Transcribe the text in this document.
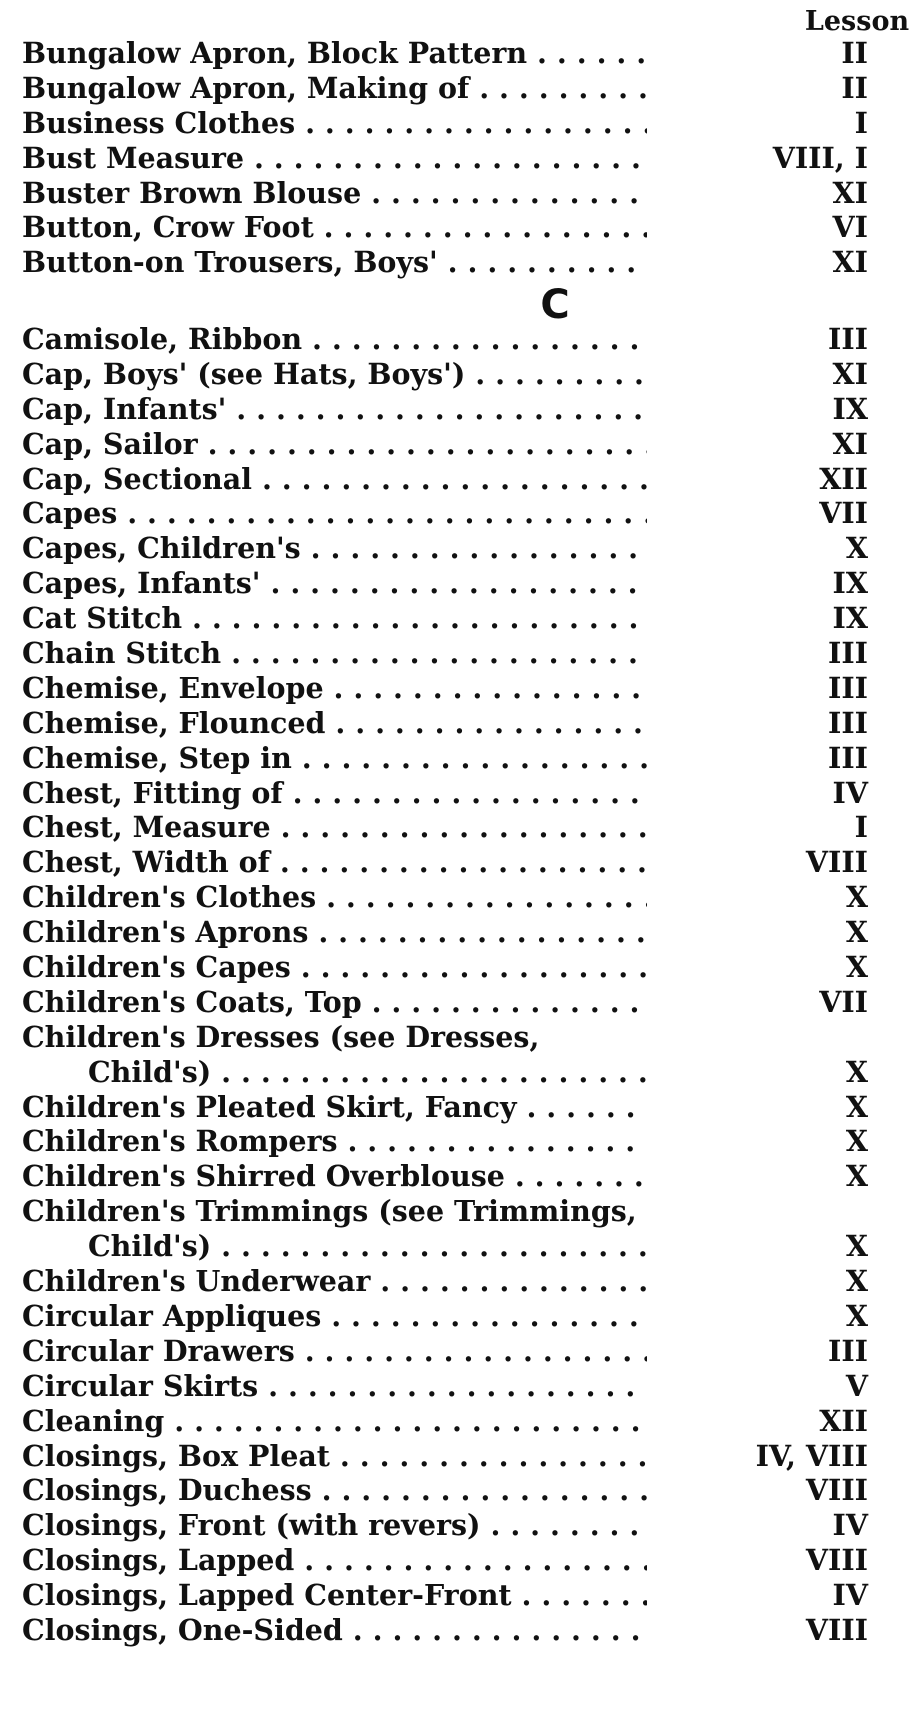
Lesson
Bungalow Apron, Block Pattern . . .	II
Bungalow Apron, Making of . . .	II
Business Clothes . . .	I
Bust Measure . . .	VIII, I
Buster Brown Blouse . . .	XI
Button, Crow Foot . . .	VI
Button-on Trousers, Boys' . . .	XI
C
Camisole, Ribbon . . .	III
Cap, Boys' (see Hats, Boys') . . .	XI
Cap, Infants' . . .	IX
Cap, Sailor . . .	XI
Cap, Sectional . . .	XII
Capes . . .	VII
Capes, Children's . . .	X
Capes, Infants' . . .	IX
Cat Stitch . . .	IX
Chain Stitch . . .	III
Chemise, Envelope . . .	III
Chemise, Flounced . . .	III
Chemise, Step in . . .	III
Chest, Fitting of . . .	IV
Chest, Measure . . .	I
Chest, Width of . . .	VIII
Children's Clothes . . .	X
Children's Aprons . . .	X
Children's Capes . . .	X
Children's Coats, Top . . .	VII
Children's Dresses (see Dresses,
Child's) . . .	X
Children's Pleated Skirt, Fancy . . .	X
Children's Rompers . . .	X
Children's Shirred Overblouse . . .	X
Children's Trimmings (see Trimmings,
Child's) . . .	X
Children's Underwear . . .	X
Circular Appliques . . .	X
Circular Drawers . . .	III
Circular Skirts . . .	V
Cleaning . . .	XII
Closings, Box Pleat . . .	IV, VIII
Closings, Duchess . . .	VIII
Closings, Front (with revers) . . .	IV
Closings, Lapped . . .	VIII
Closings, Lapped Center-Front . . .	IV
Closings, One-Sided . . .	VIII
